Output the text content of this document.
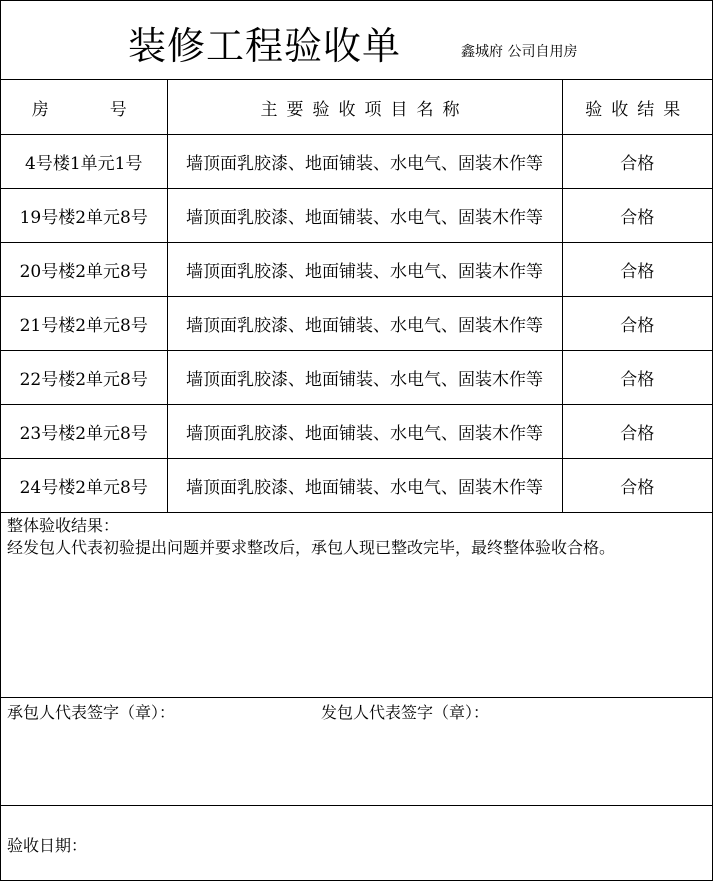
装修工程验收单	鑫城府 公司自用房
房　　号	主要验收项目名称	验收结果
4号楼1单元1号	墙顶面乳胶漆、地面铺装、水电气、固装木作等	合格
19号楼2单元8号	墙顶面乳胶漆、地面铺装、水电气、固装木作等	合格
20号楼2单元8号	墙顶面乳胶漆、地面铺装、水电气、固装木作等	合格
21号楼2单元8号	墙顶面乳胶漆、地面铺装、水电气、固装木作等	合格
22号楼2单元8号	墙顶面乳胶漆、地面铺装、水电气、固装木作等	合格
23号楼2单元8号	墙顶面乳胶漆、地面铺装、水电气、固装木作等	合格
24号楼2单元8号	墙顶面乳胶漆、地面铺装、水电气、固装木作等	合格
整体验收结果：
经发包人代表初验提出问题并要求整改后，承包人现已整改完毕，最终整体验收合格。
承包人代表签字（章）：	发包人代表签字（章）：
验收日期：
